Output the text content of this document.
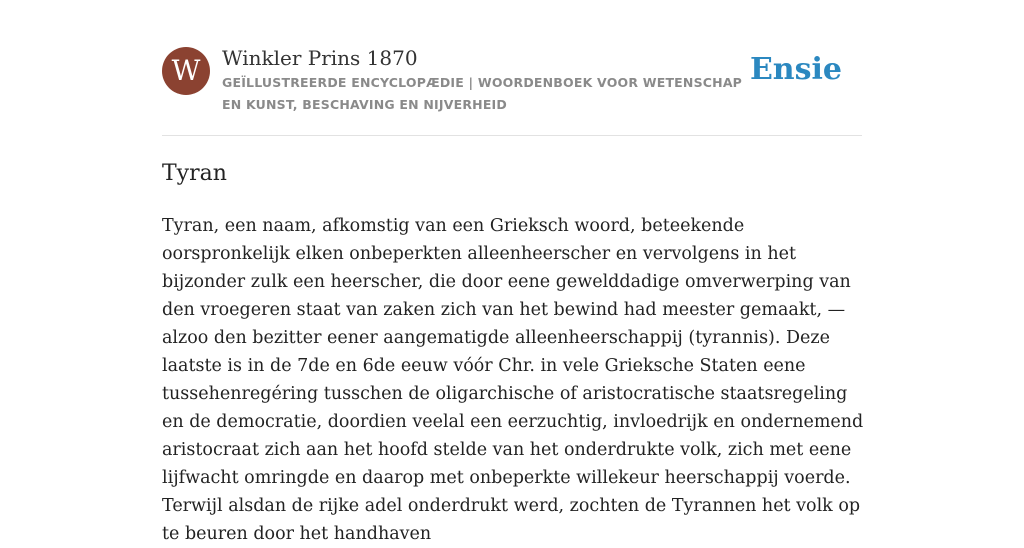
W	Winkler Prins 1870
GEÏLLUSTREERDE ENCYCLOPÆDIE | WOORDENBOEK VOOR WETENSCHAP EN KUNST, BESCHAVING EN NIJVERHEID
Ensie
Tyran

Tyran, een naam, afkomstig van een Grieksch woord, beteekende oorspronkelijk elken onbeperkten alleenheerscher en vervolgens in het bijzonder zulk een heerscher, die door eene gewelddadige omverwerping van den vroegeren staat van zaken zich van het bewind had meester gemaakt, — alzoo den bezitter eener aangematigde alleenheerschappij (tyrannis). Deze laatste is in de 7de en 6de eeuw vóór Chr. in vele Grieksche Staten eene tussehenregéring tusschen de oligarchische of aristocratische staatsregeling en de democratie, doordien veelal een eerzuchtig, invloedrijk en ondernemend aristocraat zich aan het hoofd stelde van het onderdrukte volk, zich met eene lijfwacht omringde en daarop met onbeperkte willekeur heerschappij voerde. Terwijl alsdan de rijke adel onderdrukt werd, zochten de Tyrannen het volk op te beuren door het handhaven
